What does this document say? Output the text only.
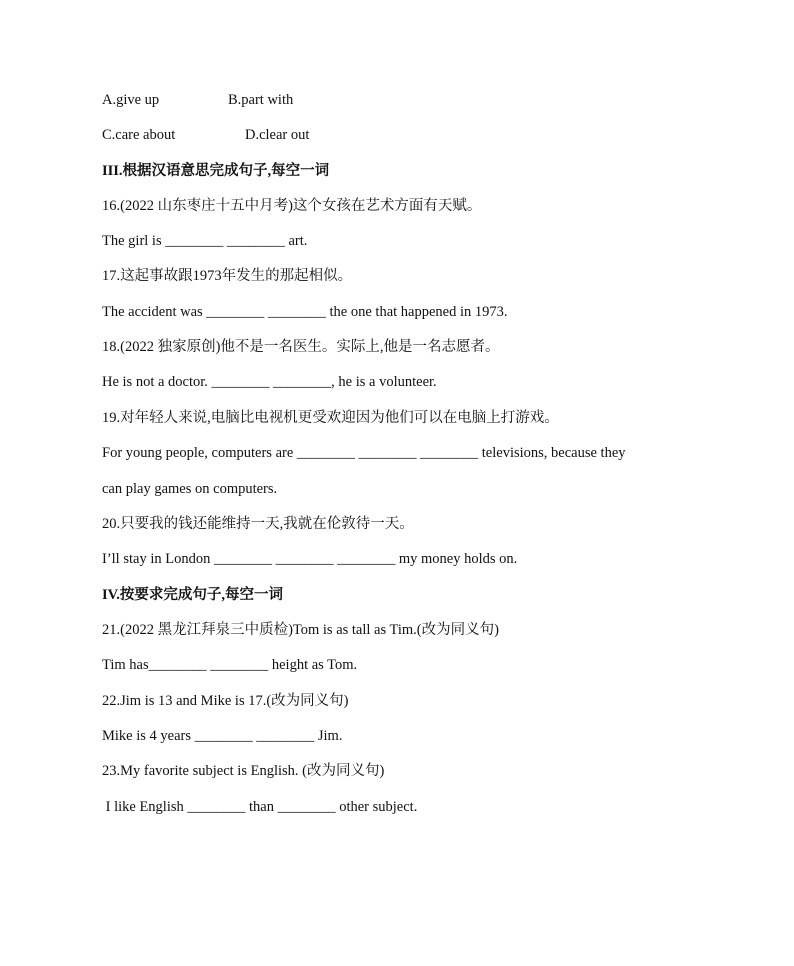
A.give up	B.part with
C.care about	D.clear out
III.根据汉语意思完成句子,每空一词
16.(2022 山东枣庄十五中月考)这个女孩在艺术方面有天赋。
The girl is ________ ________ art.
17.这起事故跟1973年发生的那起相似。
The accident was ________ ________ the one that happened in 1973.
18.(2022 独家原创)他不是一名医生。实际上,他是一名志愿者。
He is not a doctor. ________ ________, he is a volunteer.
19.对年轻人来说,电脑比电视机更受欢迎因为他们可以在电脑上打游戏。
For young people, computers are ________ ________ ________ televisions, because they
can play games on computers.
20.只要我的钱还能维持一天,我就在伦敦待一天。
I’ll stay in London ________ ________ ________ my money holds on.
IV.按要求完成句子,每空一词
21.(2022 黑龙江拜泉三中质检)Tom is as tall as Tim.(改为同义句)
Tim has________ ________ height as Tom.
22.Jim is 13 and Mike is 17.(改为同义句)
Mike is 4 years ________ ________ Jim.
23.My favorite subject is English. (改为同义句)
I like English ________ than ________ other subject.
